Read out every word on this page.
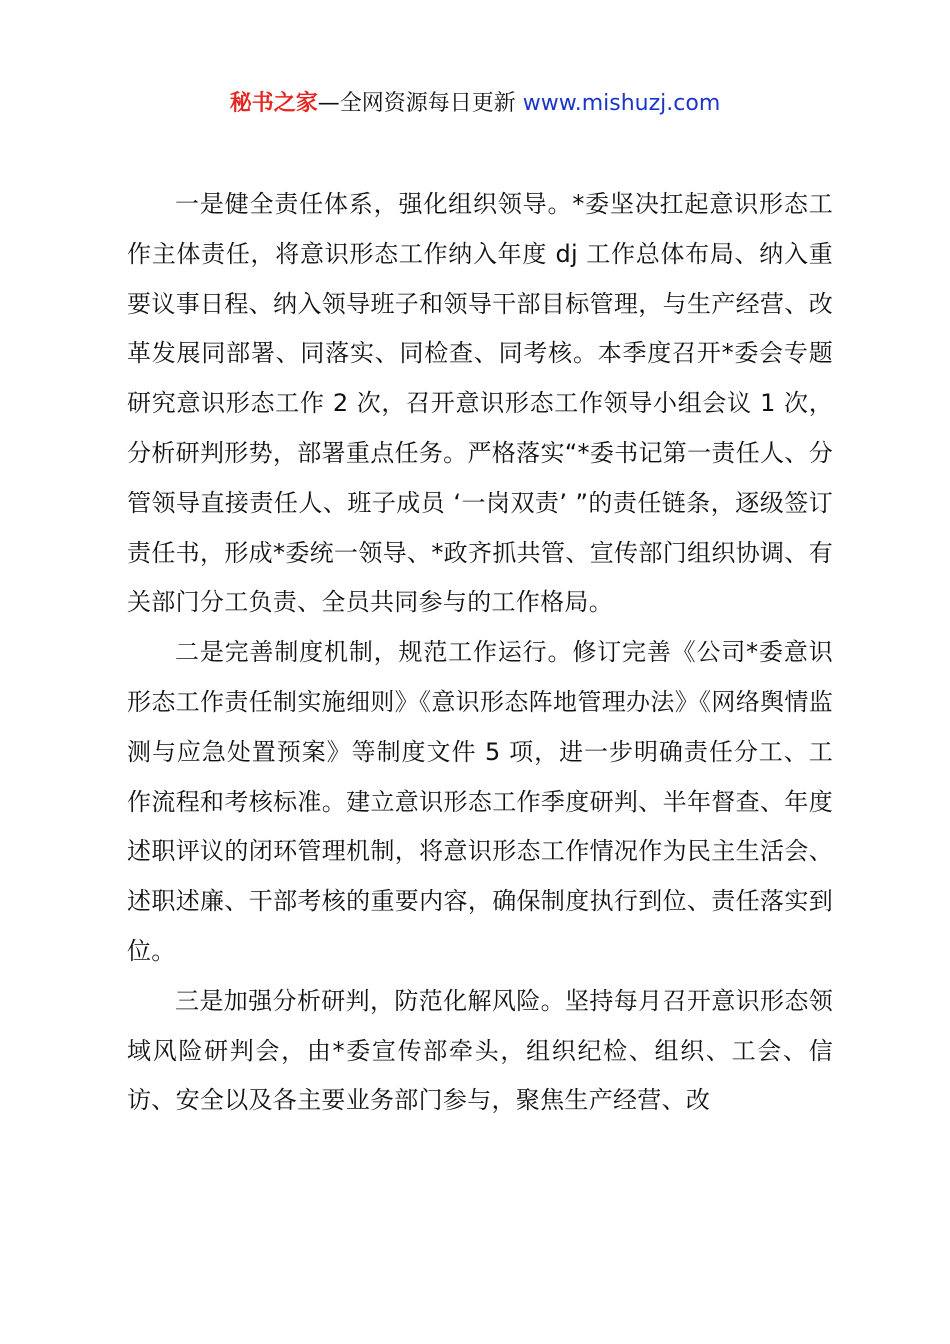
秘书之家—全网资源每日更新 www.mishuzj.com

一是健全责任体系，强化组织领导。*委坚决扛起意识形态工作主体责任，将意识形态工作纳入年度 dj 工作总体布局、纳入重要议事日程、纳入领导班子和领导干部目标管理，与生产经营、改革发展同部署、同落实、同检查、同考核。本季度召开*委会专题研究意识形态工作 2 次，召开意识形态工作领导小组会议 1 次，分析研判形势，部署重点任务。严格落实“*委书记第一责任人、分管领导直接责任人、班子成员 ‘一岗双责’ ”的责任链条，逐级签订责任书，形成*委统一领导、*政齐抓共管、宣传部门组织协调、有关部门分工负责、全员共同参与的工作格局。

二是完善制度机制，规范工作运行。修订完善《公司*委意识形态工作责任制实施细则》《意识形态阵地管理办法》《网络舆情监测与应急处置预案》等制度文件 5 项，进一步明确责任分工、工作流程和考核标准。建立意识形态工作季度研判、半年督查、年度述职评议的闭环管理机制，将意识形态工作情况作为民主生活会、述职述廉、干部考核的重要内容，确保制度执行到位、责任落实到位。

三是加强分析研判，防范化解风险。坚持每月召开意识形态领域风险研判会，由*委宣传部牵头，组织纪检、组织、工会、信访、安全以及各主要业务部门参与，聚焦生产经营、改
